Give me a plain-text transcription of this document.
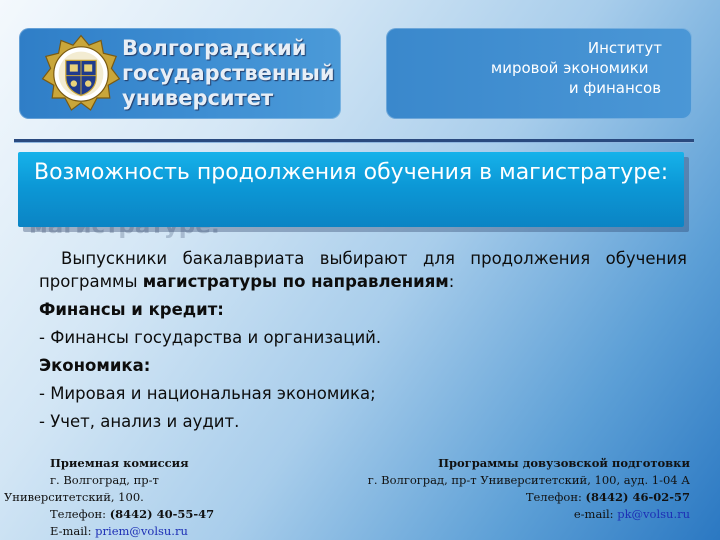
Волгоградский
государственный
университет
Институт
мировой экономики
и финансов
Возможность продолжения обучения в магистратуре:

Выпускники бакалавриата выбирают для продолжения обучения программы магистратуры по направлениям:

Финансы и кредит:

- Финансы государства и организаций.

Экономика:

- Мировая и национальная экономика;

- Учет, анализ и аудит.

Приемная комиссия

г. Волгоград, пр-т

Университетский, 100.

Телефон: (8442) 40-55-47

E-mail: priem@volsu.ru

Программы довузовской подготовки

г. Волгоград, пр-т Университетский, 100, ауд. 1-04 А

Телефон: (8442) 46-02-57

e-mail: pk@volsu.ru
